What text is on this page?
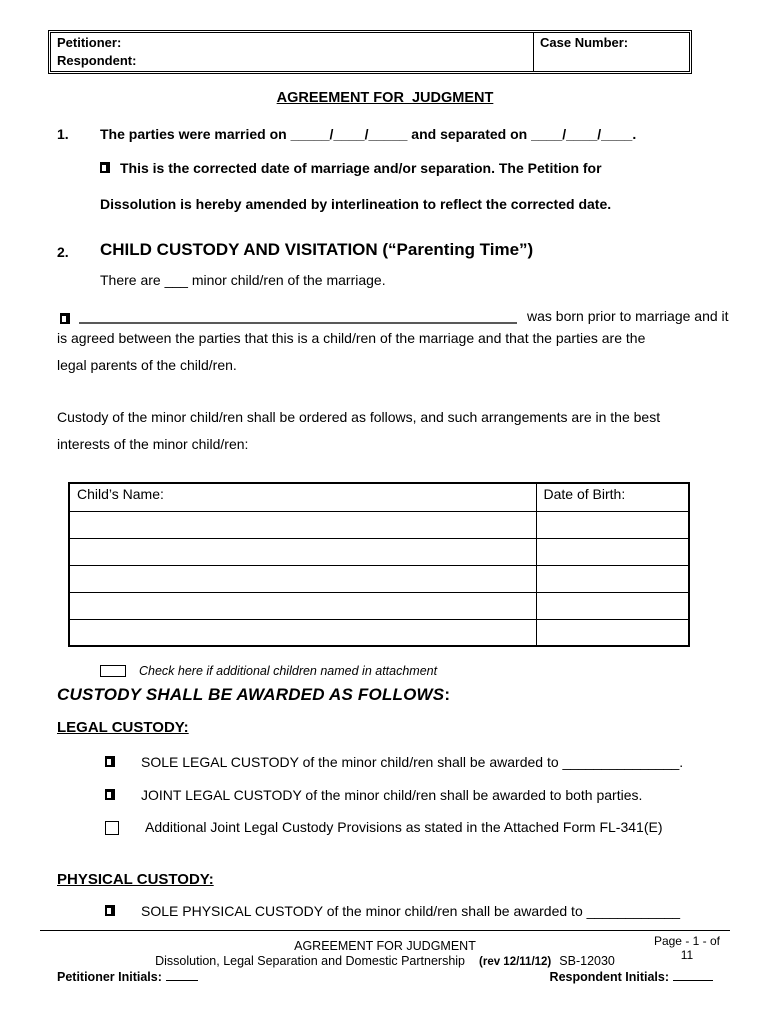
Petitioner:
Respondent:
Case Number:
AGREEMENT FOR  JUDGMENT
1. The parties were married on _____/____/_____ and separated on ____/____/____.
This is the corrected date of marriage and/or separation. The Petition for
Dissolution is hereby amended by interlineation to reflect the corrected date.
2. CHILD CUSTODY AND VISITATION (“Parenting Time”)
There are ___ minor child/ren of the marriage.
was born prior to marriage and it
is agreed between the parties that this is a child/ren of the marriage and that the parties are the
legal parents of the child/ren.
Custody of the minor child/ren shall be ordered as follows, and such arrangements are in the best
interests of the minor child/ren:
Child’s Name:	Date of Birth:

Check here if additional children named in attachment
CUSTODY SHALL BE AWARDED AS FOLLOWS:
LEGAL CUSTODY:
SOLE LEGAL CUSTODY of the minor child/ren shall be awarded to _______________.
JOINT LEGAL CUSTODY of the minor child/ren shall be awarded to both parties.
Additional Joint Legal Custody Provisions as stated in the Attached Form FL-341(E)
PHYSICAL CUSTODY:
SOLE PHYSICAL CUSTODY of the minor child/ren shall be awarded to ____________
Page - 1 - of
11
AGREEMENT FOR JUDGMENT
Dissolution, Legal Separation and Domestic Partnership (rev 12/11/12) SB-12030
Petitioner Initials:	Respondent Initials:
